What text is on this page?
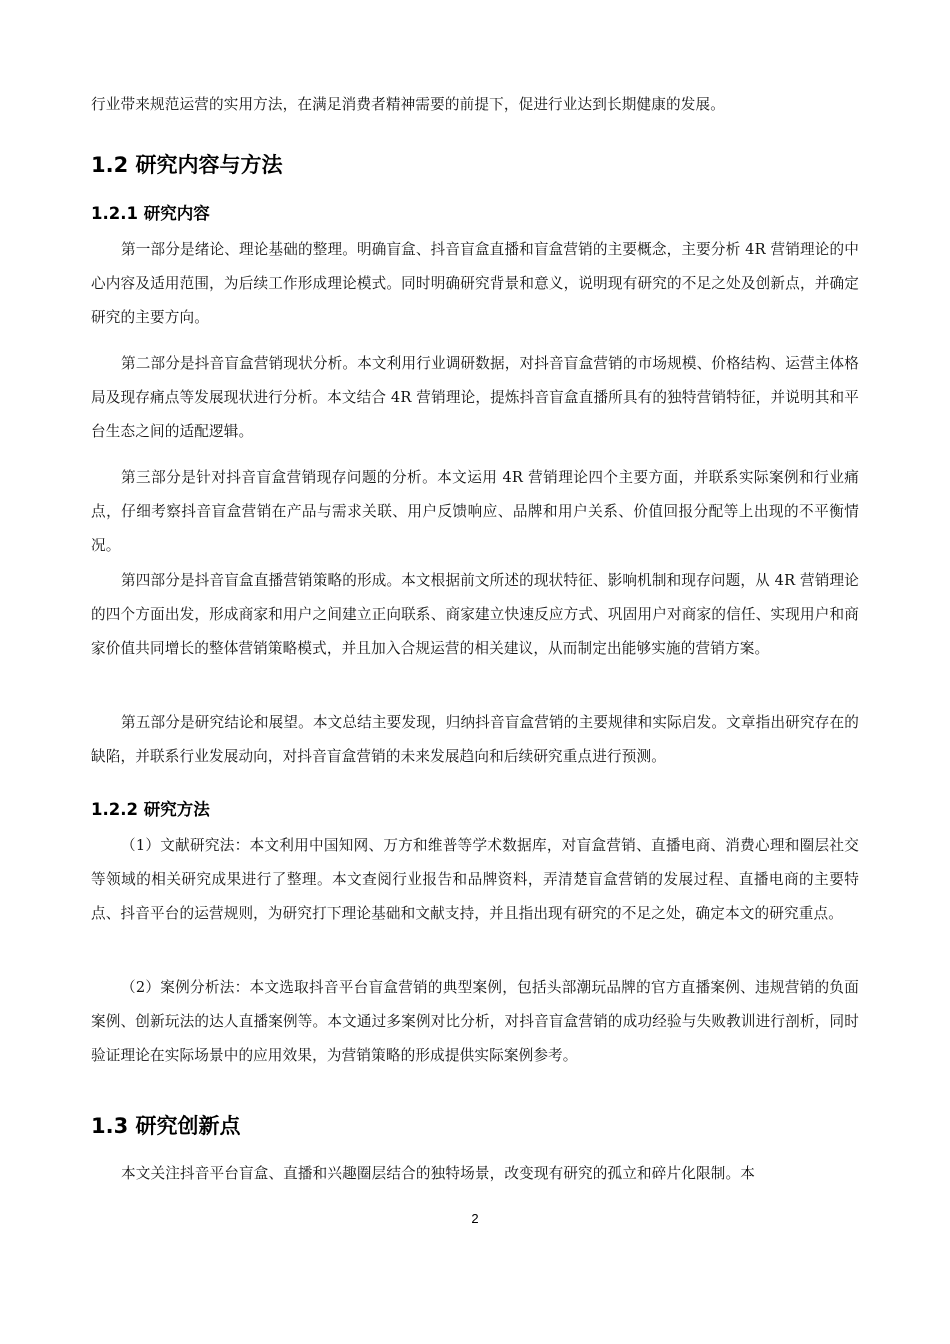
行业带来规范运营的实用方法，在满足消费者精神需要的前提下，促进行业达到长期健康的发展。

1.2 研究内容与方法
1.2.1 研究内容

第一部分是绪论、理论基础的整理。明确盲盒、抖音盲盒直播和盲盒营销的主要概念，主要分析 4R 营销理论的中心内容及适用范围，为后续工作形成理论模式。同时明确研究背景和意义，说明现有研究的不足之处及创新点，并确定研究的主要方向。

第二部分是抖音盲盒营销现状分析。本文利用行业调研数据，对抖音盲盒营销的市场规模、价格结构、运营主体格局及现存痛点等发展现状进行分析。本文结合 4R 营销理论，提炼抖音盲盒直播所具有的独特营销特征，并说明其和平台生态之间的适配逻辑。

第三部分是针对抖音盲盒营销现存问题的分析。本文运用 4R 营销理论四个主要方面，并联系实际案例和行业痛点，仔细考察抖音盲盒营销在产品与需求关联、用户反馈响应、品牌和用户关系、价值回报分配等上出现的不平衡情况。

第四部分是抖音盲盒直播营销策略的形成。本文根据前文所述的现状特征、影响机制和现存问题，从 4R 营销理论的四个方面出发，形成商家和用户之间建立正向联系、商家建立快速反应方式、巩固用户对商家的信任、实现用户和商家价值共同增长的整体营销策略模式，并且加入合规运营的相关建议，从而制定出能够实施的营销方案。

第五部分是研究结论和展望。本文总结主要发现，归纳抖音盲盒营销的主要规律和实际启发。文章指出研究存在的缺陷，并联系行业发展动向，对抖音盲盒营销的未来发展趋向和后续研究重点进行预测。

1.2.2 研究方法

（1）文献研究法：本文利用中国知网、万方和维普等学术数据库，对盲盒营销、直播电商、消费心理和圈层社交等领域的相关研究成果进行了整理。本文查阅行业报告和品牌资料，弄清楚盲盒营销的发展过程、直播电商的主要特点、抖音平台的运营规则，为研究打下理论基础和文献支持，并且指出现有研究的不足之处，确定本文的研究重点。

（2）案例分析法：本文选取抖音平台盲盒营销的典型案例，包括头部潮玩品牌的官方直播案例、违规营销的负面案例、创新玩法的达人直播案例等。本文通过多案例对比分析，对抖音盲盒营销的成功经验与失败教训进行剖析，同时验证理论在实际场景中的应用效果，为营销策略的形成提供实际案例参考。

1.3 研究创新点

本文关注抖音平台盲盒、直播和兴趣圈层结合的独特场景，改变现有研究的孤立和碎片化限制。本

2
